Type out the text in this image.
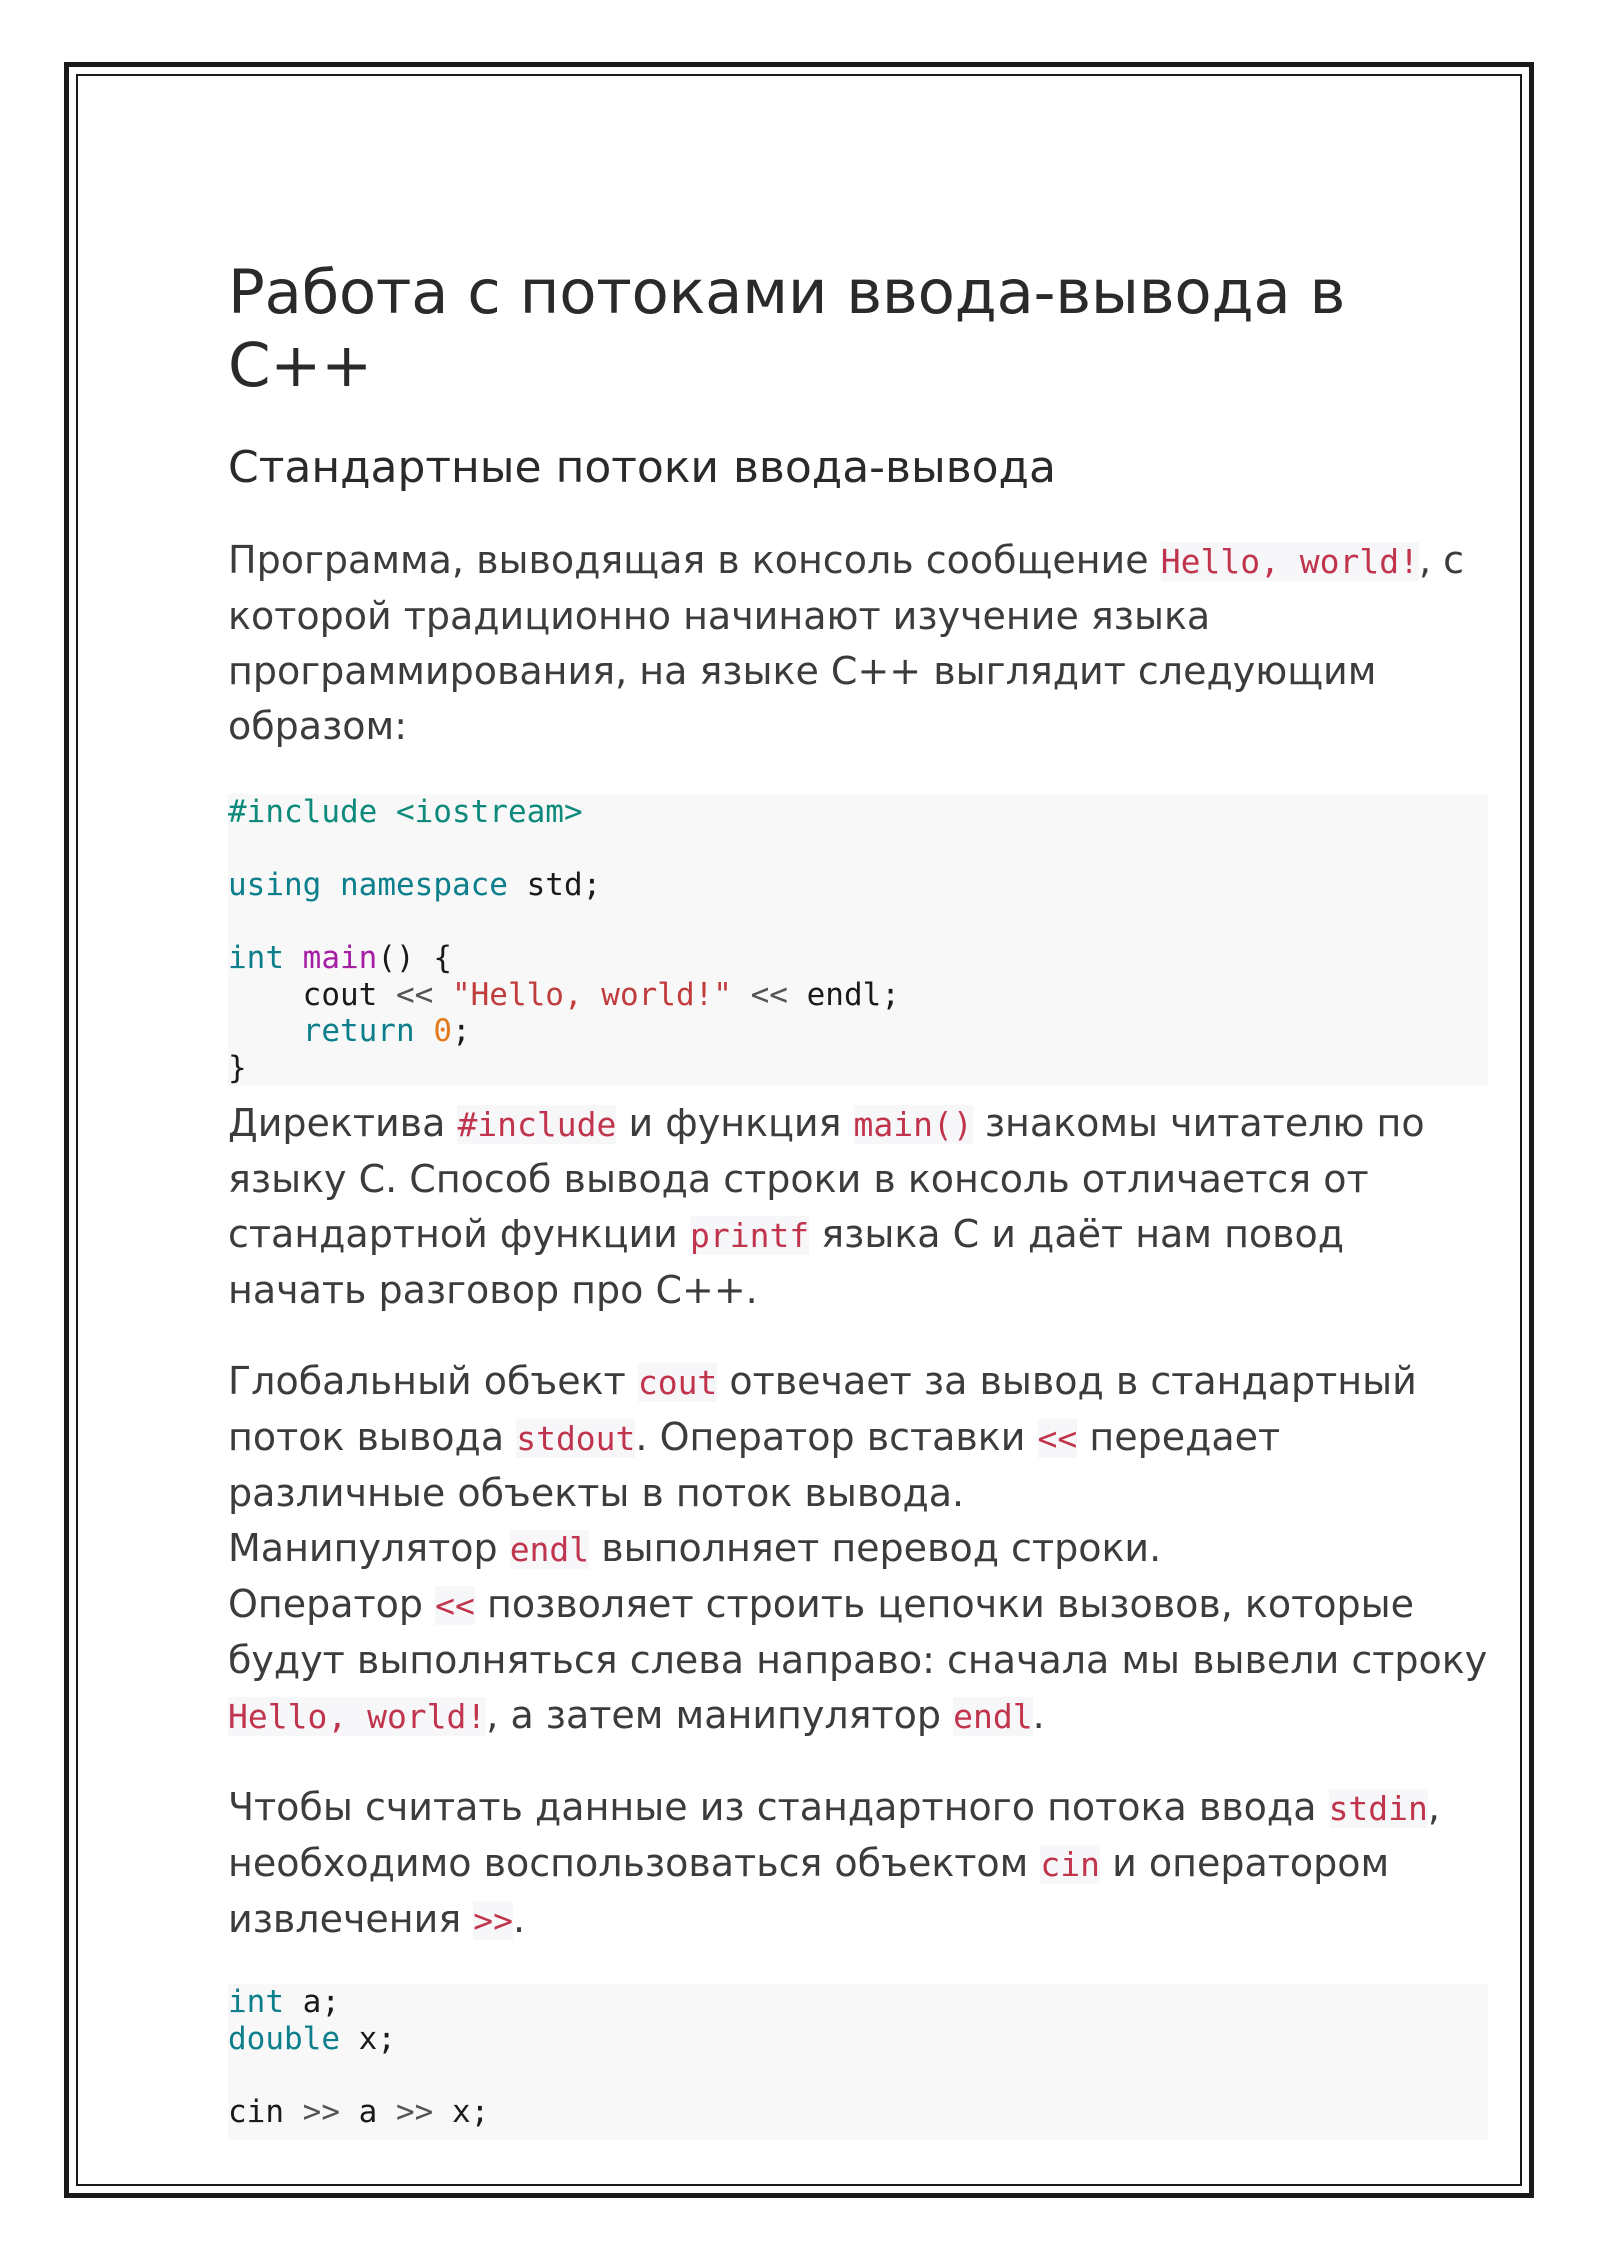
Работа с потоками ввода-вывода в C++
Стандартные потоки ввода-вывода

Программа, выводящая в консоль сообщение Hello, world!, с которой традиционно начинают изучение языка программирования, на языке C++ выглядит следующим образом:

#include <iostream>

using namespace std;

int main() {
cout << "Hello, world!" << endl;
return 0;
}

Директива #include и функция main() знакомы читателю по языку C. Способ вывода строки в консоль отличается от стандартной функции printf языка C и даёт нам повод начать разговор про C++.

Глобальный объект cout отвечает за вывод в стандартный поток вывода stdout. Оператор вставки << передает различные объекты в поток вывода.
Манипулятор endl выполняет перевод строки.
Оператор << позволяет строить цепочки вызовов, которые будут выполняться слева направо: сначала мы вывели строку Hello, world!, а затем манипулятор endl.

Чтобы считать данные из стандартного потока ввода stdin, необходимо воспользоваться объектом cin и оператором извлечения >>.

int a;
double x;

cin >> a >> x;
